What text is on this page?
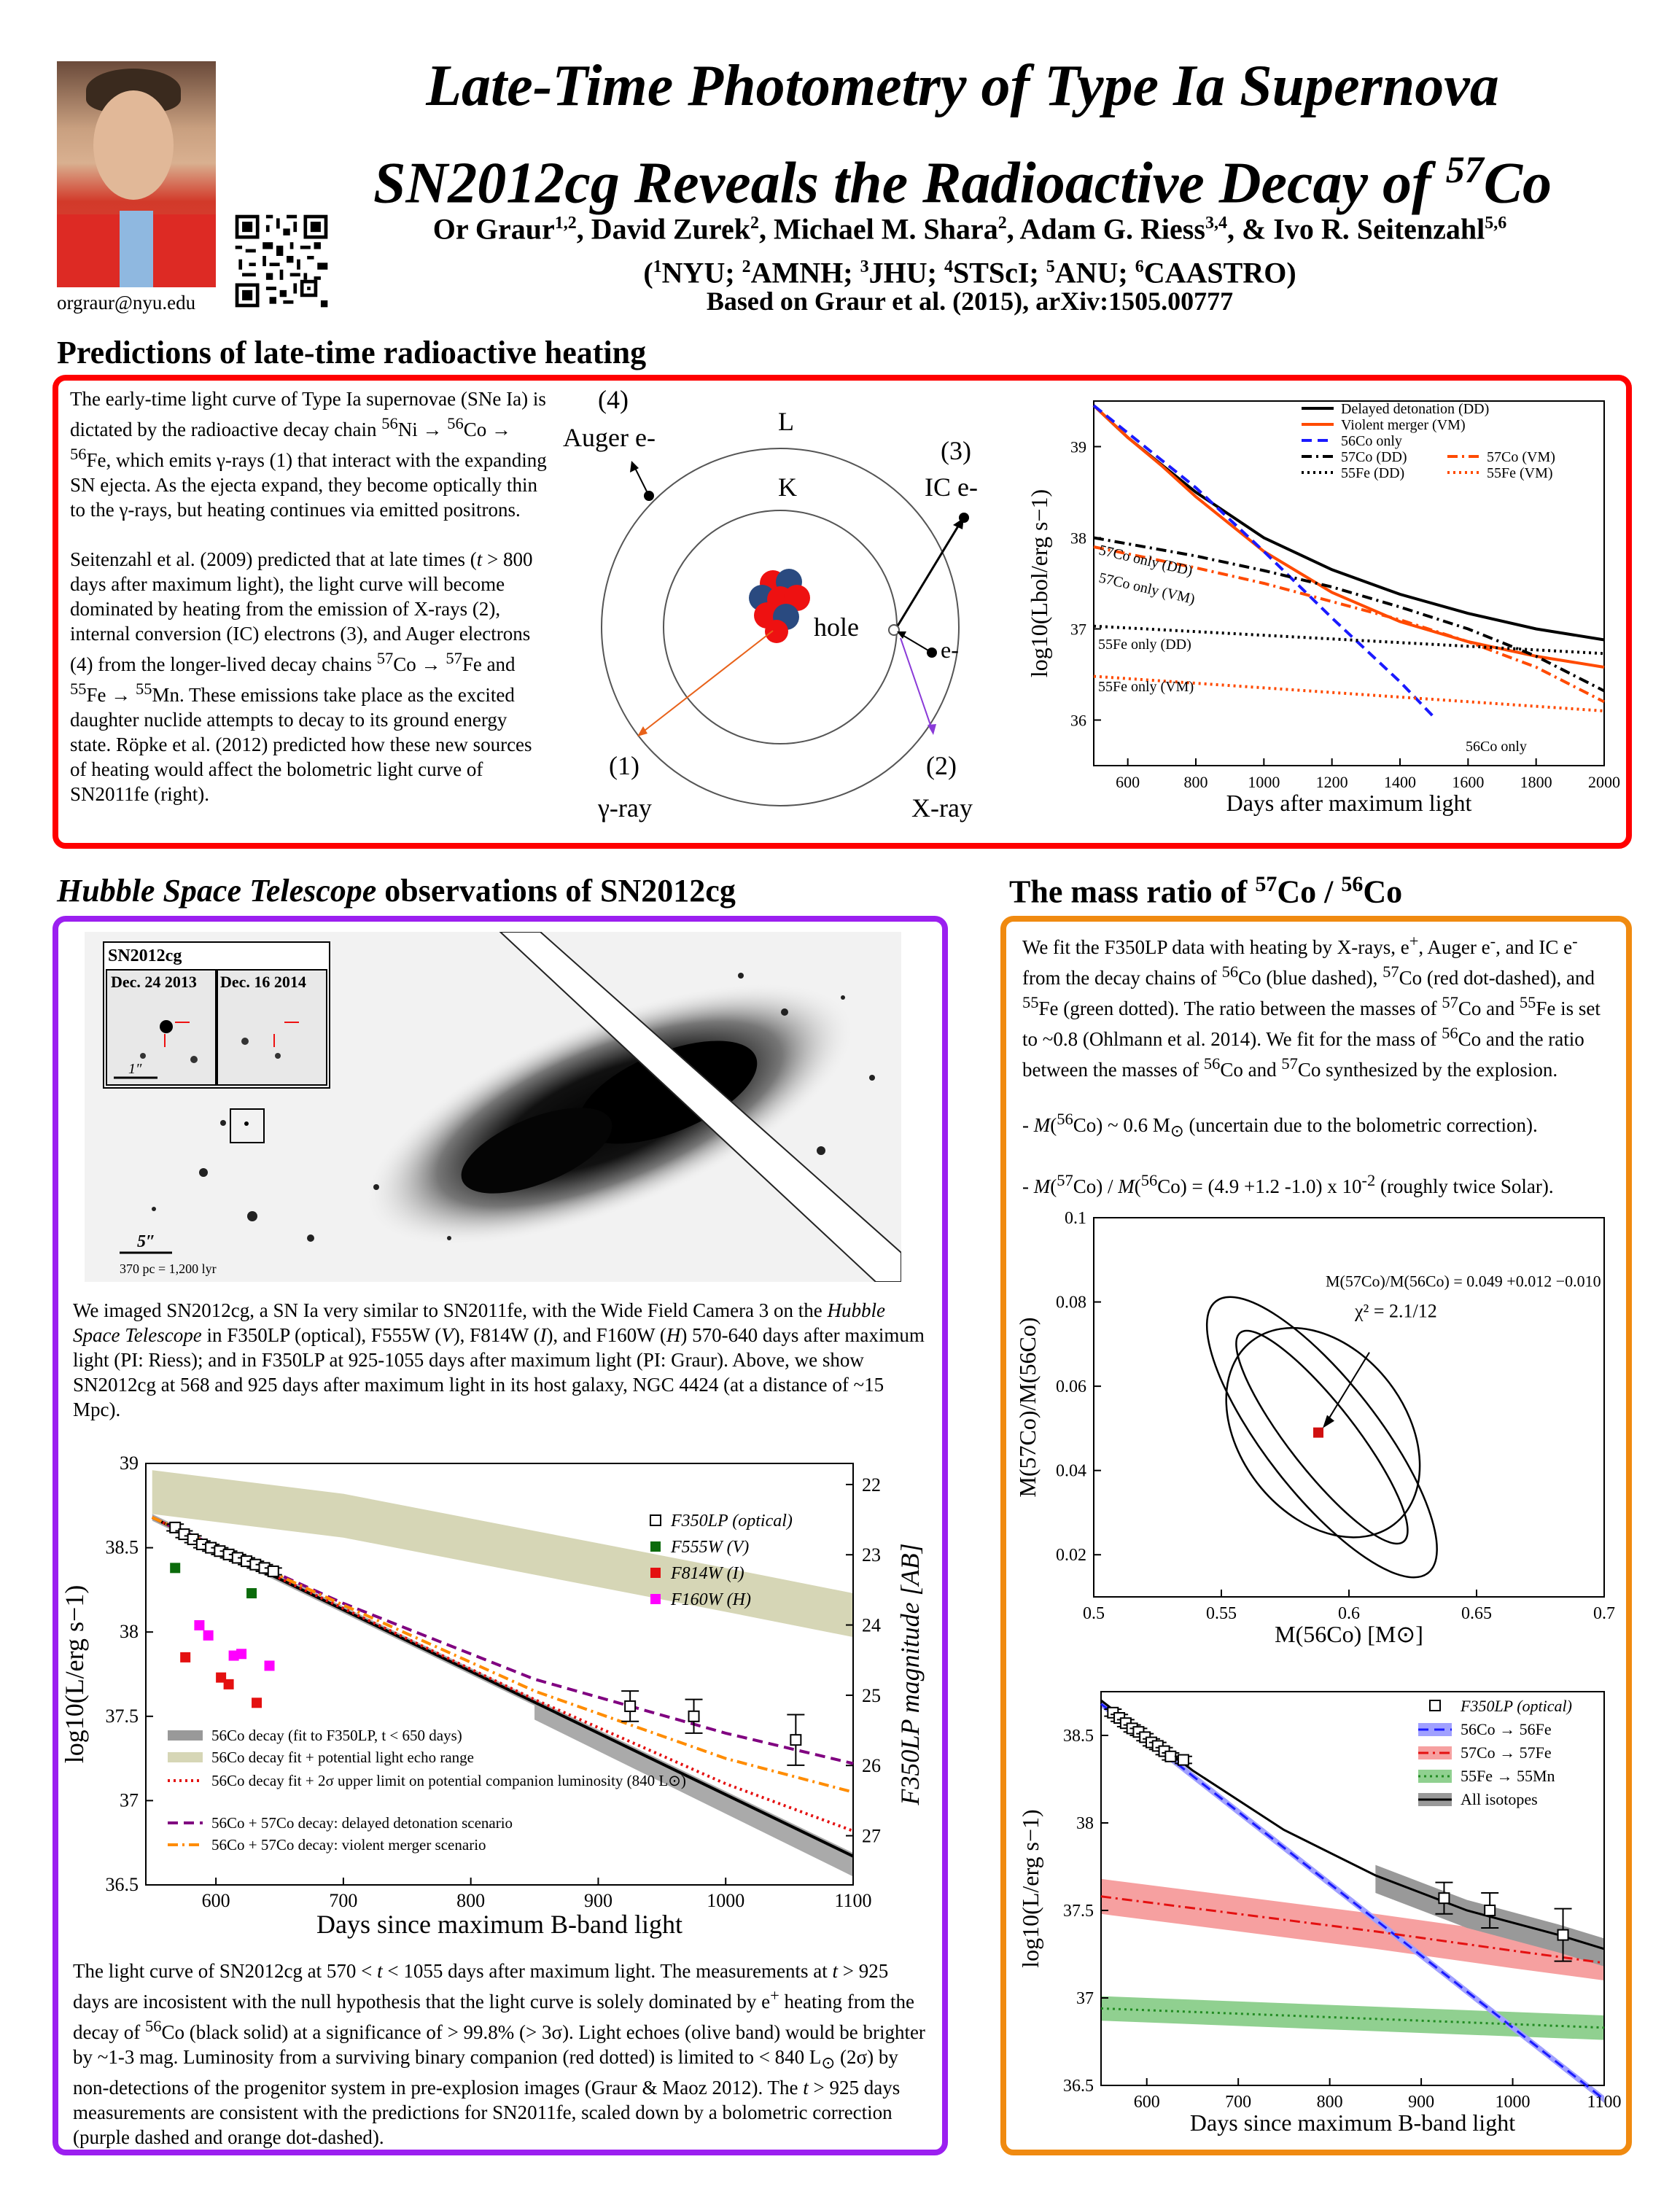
orgraur@nyu.edu
Late-Time Photometry of Type Ia Supernova
SN2012cg Reveals the Radioactive Decay of $^{57}$Co
Or Graur$^{1,2}$, David Zurek$^2$, Michael M. Shara$^2$, Adam G. Riess$^{3,4}$, & Ivo R. Seitenzahl$^{5,6}$
($^1$NYU; $^2$AMNH; $^3$JHU; $^4$STScI; $^5$ANU; $^6$CAASTRO)
Based on Graur et al. (2015), arXiv:1505.00777
Predictions of late-time radioactive heating

The early-time light curve of Type Ia supernovae (SNe Ia) is dictated by the radioactive decay chain $^{56}$Ni → $^{56}$Co → $^{56}$Fe, which emits γ-rays (1) that interact with the expanding SN ejecta. As the ejecta expand, they become optically thin to the γ-rays, but heating continues via emitted positrons.

Seitenzahl et al. (2009) predicted that at late times (t > 800 days after maximum light), the light curve will become dominated by heating from the emission of X-rays (2), internal conversion (IC) electrons (3), and Auger electrons (4) from the longer-lived decay chains $^{57}$Co → $^{57}$Fe and $^{55}$Fe → $^{55}$Mn. These emissions take place as the excited daughter nuclide attempts to decay to its ground energy state. Röpke et al. (2012) predicted how these new sources of heating would affect the bolometric light curve of SN2011fe (right).

L
K
(4)
Auger e-	(3)
IC e-
hole
e-
(1)
γ-ray
(2)
X-ray
600	800 1000 1200 1400 1600 1800 2000
36
37
38
39
Days after maximum light
log10(Lbol/erg s−1)
Delayed detonation (DD)
Violent merger (VM)
56Co only
57Co (DD)	57Co (VM)
55Fe (DD)	55Fe (VM)
57Co only (DD)
57Co only (VM)
55Fe only (DD)
55Fe only (VM)
56Co only
Hubble Space Telescope observations of SN2012cg
SN2012cg
Dec. 24 2013 Dec. 16 2014
1″
5″
370 pc = 1,200 lyr
We imaged SN2012cg, a SN Ia very similar to SN2011fe, with the Wide Field Camera 3 on the Hubble Space Telescope in F350LP (optical), F555W (V), F814W (I), and F160W (H) 570-640 days after maximum light (PI: Riess); and in F350LP at 925-1055 days after maximum light (PI: Graur). Above, we show SN2012cg at 568 and 925 days after maximum light in its host galaxy, NGC 4424 (at a distance of ~15 Mpc).
600	700	800	900	1000	1100
36.5
37
37.5
38
38.5
39
Days since maximum B-band light
log10(L/erg s−1)
22
23
24
25
26
27
F350LP magnitude [AB]
F350LP (optical)
F555W (V)
F814W (I)
F160W (H)
56Co decay (fit to F350LP, t < 650 days)
56Co decay fit + potential light echo range
56Co decay fit + 2σ upper limit on potential companion luminosity (840 L⊙)
56Co + 57Co decay: delayed detonation scenario
56Co + 57Co decay: violent merger scenario
The light curve of SN2012cg at 570 < t < 1055 days after maximum light. The measurements at t > 925 days are incosistent with the null hypothesis that the light curve is solely dominated by e+ heating from the decay of $^{56}$Co (black solid) at a significance of > 99.8% (> 3σ). Light echoes (olive band) would be brighter by ~1-3 mag. Luminosity from a surviving binary companion (red dotted) is limited to < 840 $L_⊙$ (2σ) by non-detections of the progenitor system in pre-explosion images (Graur & Maoz 2012). The t > 925 days measurements are consistent with the predictions for SN2011fe, scaled down by a bolometric correction (purple dashed and orange dot-dashed).
The mass ratio of $^{57}$Co / $^{56}$Co

We fit the F350LP data with heating by X-rays, e+, Auger e-, and IC e- from the decay chains of $^{56}$Co (blue dashed), $^{57}$Co (red dot-dashed), and $^{55}$Fe (green dotted). The ratio between the masses of $^{57}$Co and $^{55}$Fe is set to ~0.8 (Ohlmann et al. 2014). We fit for the mass of $^{56}$Co and the ratio between the masses of $^{56}$Co and $^{57}$Co synthesized by the explosion.

- M($^{56}$Co) ~ 0.6 $M_⊙$ (uncertain due to the bolometric correction).

- M($^{57}$Co) / M($^{56}$Co) = (4.9 +1.2 -1.0) x $10^{-2}$ (roughly twice Solar).

0.5	0.55	0.6	0.65	0.7
0.02
0.04
0.06
0.08
0.1
M(56Co) [M⊙]
M(57Co)/M(56Co)
M(57Co)/M(56Co) = 0.049 +0.012 −0.010
χ² = 2.1/12
600	700	800	900	1000	1100
36.5
37
37.5
38
38.5
Days since maximum B-band light
log10(L/erg s−1)
F350LP (optical)
56Co → 56Fe
57Co → 57Fe
55Fe → 55Mn
All isotopes
